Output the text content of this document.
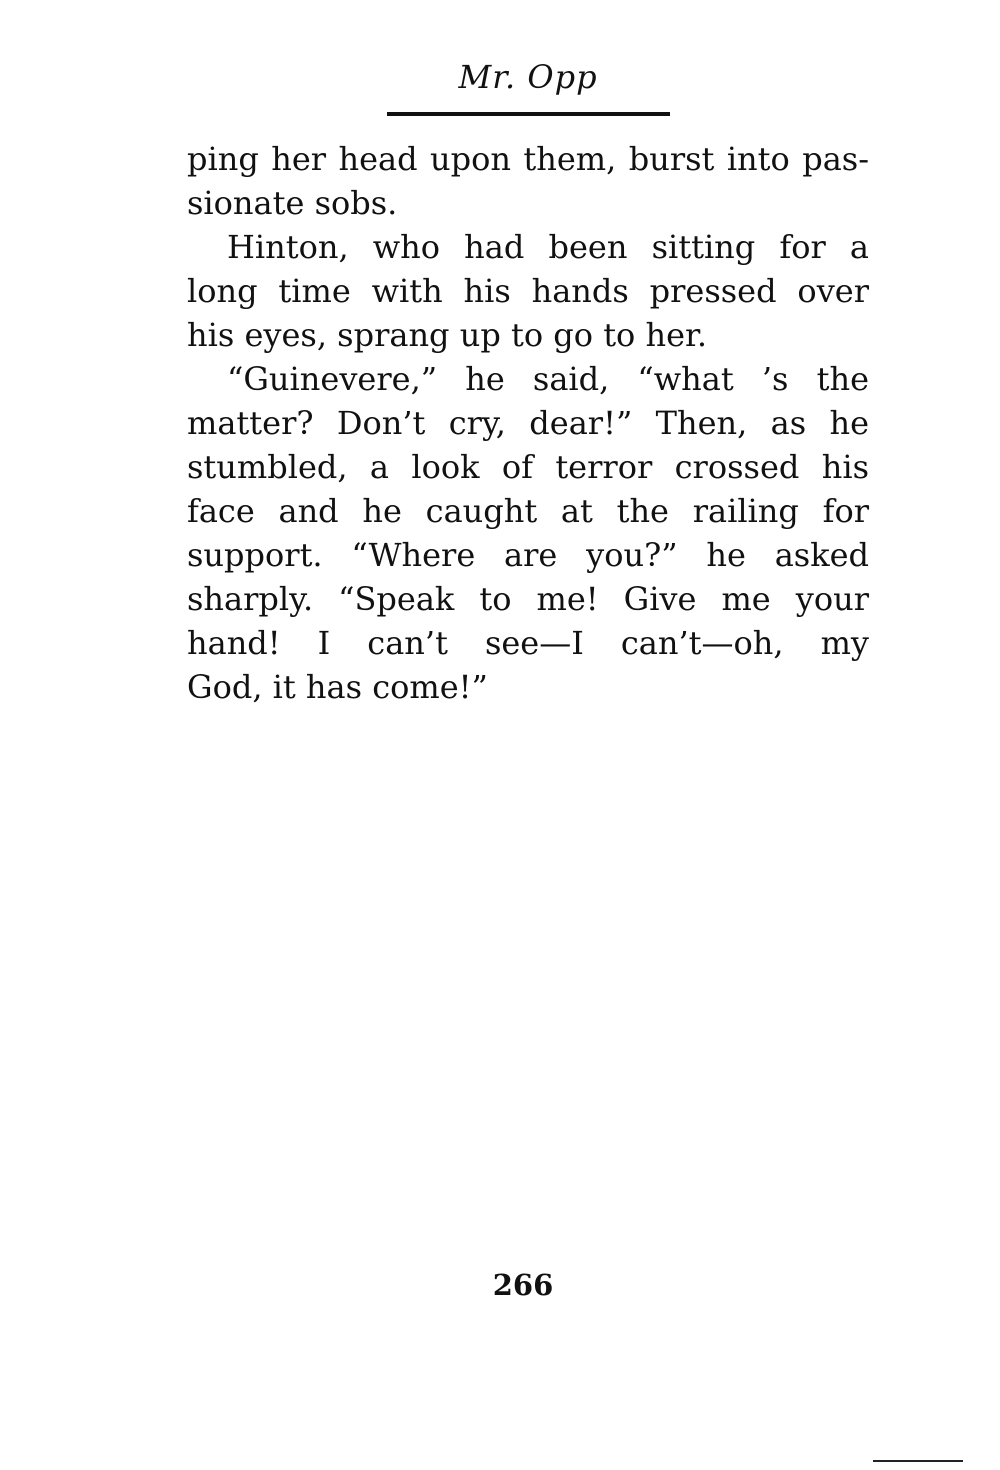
Mr. Opp

ping her head upon them, burst into pas-

sionate sobs.

Hinton, who had been sitting for a

long time with his hands pressed over

his eyes, sprang up to go to her.

“Guinevere,” he said, “what ’s the

matter? Don’t cry, dear!” Then, as he

stumbled, a look of terror crossed his

face and he caught at the railing for

support. “Where are you?” he asked

sharply. “Speak to me! Give me your

hand! I can’t see—I can’t—oh, my

God, it has come!”

266
